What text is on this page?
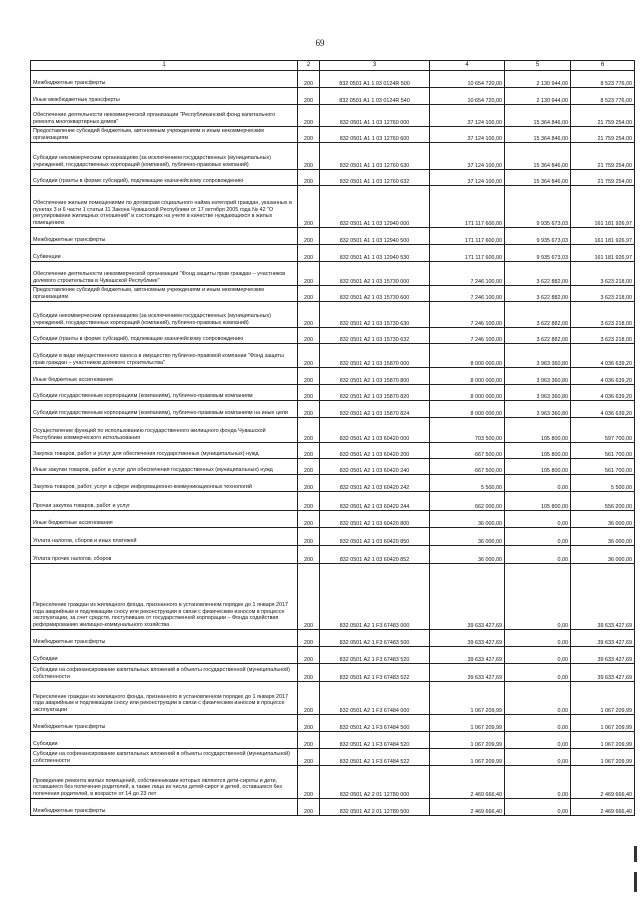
69
1	2	3	4	5	6
Межбюджетные трансферты	200	832 0501 А1 1 03 0124R 500	10 654 720,00	2 130 944,00	8 523 776,00
Иные межбюджетные трансферты	200	832 0501 А1 1 03 0124R 540	10 654 720,00	2 130 944,00	8 523 776,00
Обеспечение деятельности некоммерческой организации "Республиканский фонд капитального ремонта многоквартирных домов"	200	832 0501 А1 1 03 12760 000	37 124 100,00	15 364 846,00	21 759 254,00
Предоставление субсидий бюджетным, автономным учреждениям и иным некоммерческим организациям	200	832 0501 А1 1 03 12760 600	37 124 100,00	15 364 846,00	21 759 254,00
Субсидии некоммерческим организациям (за исключением государственных (муниципальных) учреждений, государственных корпораций (компаний), публично-правовых компаний)	200	832 0501 А1 1 03 12760 630	37 124 100,00	15 364 846,00	21 759 254,00
Субсидии (гранты в форме субсидий), подлежащие казначейскому сопровождению	200	832 0501 А1 1 03 12760 632	37 124 100,00	15 364 846,00	21 759 254,00
Обеспечение жильем помещениями по договорам социального найма категорий граждан, указанных в пунктах 3 и 6 части 1 статьи 11 Закона Чувашской Республики от 17 октября 2005 года № 42 "О регулировании жилищных отношений" и состоящих на учете в качестве нуждающихся в жилых помещениях	200	832 0501 А1 1 03 12940 000	171 117 600,00	9 935 673,03	161 181 926,97
Межбюджетные трансферты	200	832 0501 А1 1 03 12940 500	171 117 600,00	9 935 673,03	161 181 926,97
Субвенции	200	832 0501 А1 1 03 12940 530	171 117 600,00	9 935 673,03	161 181 926,97
Обеспечение деятельности некоммерческой организации "Фонд защиты прав граждан – участников долевого строительства в Чувашской Республике"	200	832 0501 А2 1 03 15730 000	7 246 100,00	3 622 882,00	3 623 218,00
Предоставление субсидий бюджетным, автономным учреждениям и иным некоммерческим организациям	200	832 0501 А2 1 03 15730 600	7 246 100,00	3 622 882,00	3 623 218,00
Субсидии некоммерческим организациям (за исключением государственных (муниципальных) учреждений, государственных корпораций (компаний), публично-правовых компаний)	200	832 0501 А2 1 03 15730 630	7 246 100,00	3 622 882,00	3 623 218,00
Субсидии (гранты в форме субсидий), подлежащие казначейскому сопровождению	200	832 0501 А2 1 03 15730 632	7 246 100,00	3 622 882,00	3 623 218,00
Субсидии в виде имущественного взноса в имущество публично-правовой компании "Фонд защиты прав граждан – участников долевого строительства"	200	832 0501 А2 1 03 15870 000	8 000 000,00	3 963 360,80	4 036 639,20
Иные бюджетные ассигнования	200	832 0501 А2 1 03 15870 800	8 000 000,00	3 963 360,80	4 036 639,20
Субсидии государственным корпорациям (компаниям), публично-правовым компаниям	200	832 0501 А2 1 03 15870 820	8 000 000,00	3 963 360,80	4 036 639,20
Субсидии государственным корпорациям (компаниям), публично-правовым компаниям на иные цели	200	832 0501 А2 1 03 15870 824	8 000 000,00	3 963 360,80	4 036 639,20
Осуществление функций по использованию государственного жилищного фонда Чувашской Республики коммерческого использования	200	832 0501 А2 1 03 60420 000	703 500,00	105 800,00	597 700,00
Закупка товаров, работ и услуг для обеспечения государственных (муниципальных) нужд	200	832 0501 А2 1 03 60420 200	667 500,00	105 800,00	561 700,00
Иные закупки товаров, работ и услуг для обеспечения государственных (муниципальных) нужд	200	832 0501 А2 1 03 60420 240	667 500,00	105 800,00	561 700,00
Закупка товаров, работ, услуг в сфере информационно-коммуникационных технологий	200	832 0501 А2 1 03 60420 242	5 500,00	0,00	5 500,00
Прочая закупка товаров, работ и услуг	200	832 0501 А2 1 03 60420 244	662 000,00	105 800,00	556 200,00
Иные бюджетные ассигнования	200	832 0501 А2 1 03 60420 800	36 000,00	0,00	36 000,00
Уплата налогов, сборов и иных платежей	200	832 0501 А2 1 03 60420 850	36 000,00	0,00	36 000,00
Уплата прочих налогов, сборов	200	832 0501 А2 1 03 60420 852	36 000,00	0,00	36 000,00
Переселение граждан из жилищного фонда, признанного в установленном порядке до 1 января 2017 года аварийным и подлежащим сносу или реконструкции в связи с физическим износом в процессе эксплуатации, за счет средств, поступивших от государственной корпорации – Фонда содействия реформированию жилищно-коммунального хозяйства	200	832 0501 А2 1 F3 67483 000	39 633 427,69	0,00	39 633 427,69
Межбюджетные трансферты	200	832 0501 А2 1 F3 67483 500	39 633 427,69	0,00	39 633 427,69
Субсидии	200	832 0501 А2 1 F3 67483 520	39 633 427,69	0,00	39 633 427,69
Субсидии на софинансирование капитальных вложений в объекты государственной (муниципальной) собственности	200	832 0501 А2 1 F3 67483 522	39 633 427,69	0,00	39 633 427,69
Переселение граждан из жилищного фонда, признанного в установленном порядке до 1 января 2017 года аварийным и подлежащим сносу или реконструкции в связи с физическим износом в процессе эксплуатации	200	832 0501 А2 1 F3 67484 000	1 067 209,99	0,00	1 067 209,99
Межбюджетные трансферты	200	832 0501 А2 1 F3 67484 500	1 067 209,99	0,00	1 067 209,99
Субсидии	200	832 0501 А2 1 F3 67484 520	1 067 209,99	0,00	1 067 209,99
Субсидии на софинансирование капитальных вложений в объекты государственной (муниципальной) собственности	200	832 0501 А2 1 F3 67484 522	1 067 209,99	0,00	1 067 209,99
Проведение ремонта жилых помещений, собственниками которых являются дети-сироты и дети, оставшиеся без попечения родителей, а также лица из числа детей-сирот и детей, оставшихся без попечения родителей, в возрасте от 14 до 23 лет	200	832 0501 А2 2 01 12780 000	2 469 666,40	0,00	2 469 666,40
Межбюджетные трансферты	200	832 0501 А2 2 01 12780 500	2 469 666,40	0,00	2 469 666,40
